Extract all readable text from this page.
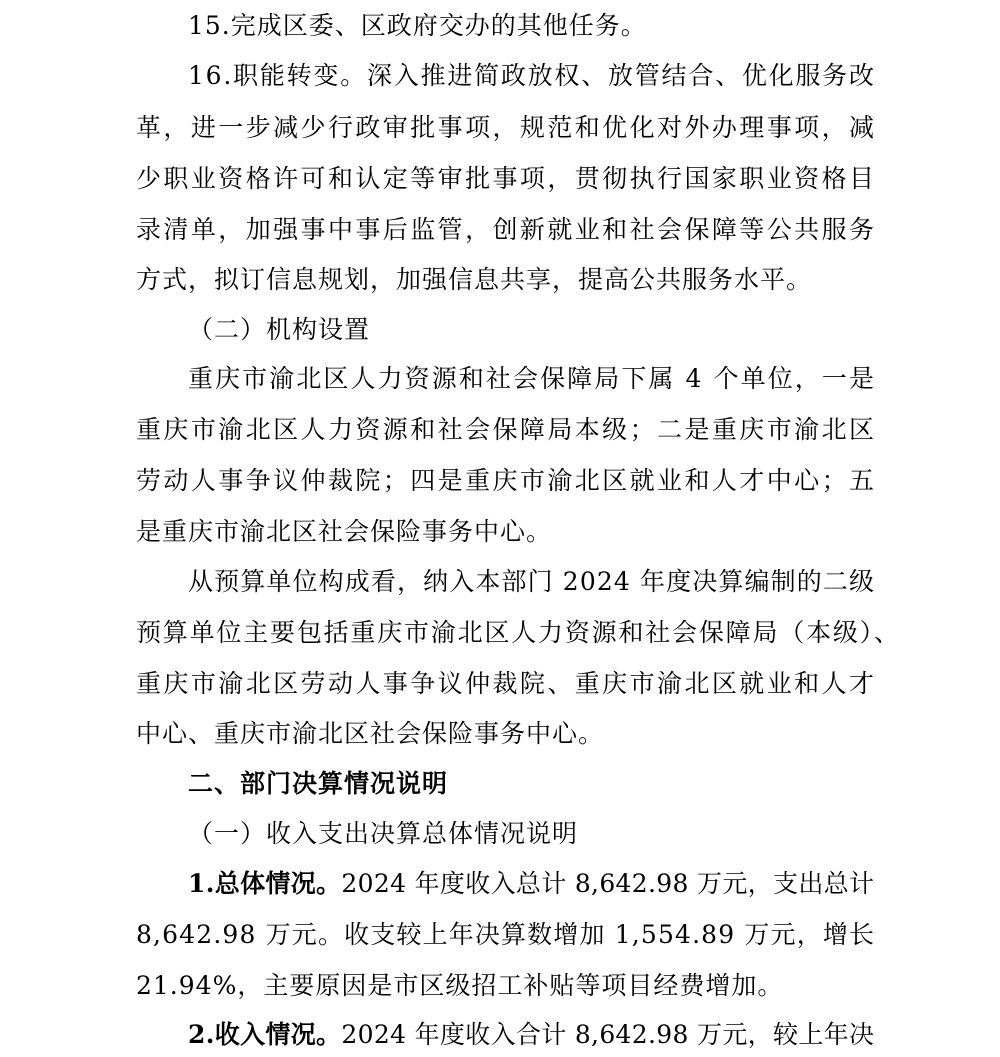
15.完成区委、区政府交办的其他任务。
16.职能转变。深入推进简政放权、放管结合、优化服务改
革，进一步减少行政审批事项，规范和优化对外办理事项，减
少职业资格许可和认定等审批事项，贯彻执行国家职业资格目
录清单，加强事中事后监管，创新就业和社会保障等公共服务
方式，拟订信息规划，加强信息共享，提高公共服务水平。
（二）机构设置
重庆市渝北区人力资源和社会保障局下属 4 个单位，一是
重庆市渝北区人力资源和社会保障局本级；二是重庆市渝北区
劳动人事争议仲裁院；四是重庆市渝北区就业和人才中心；五
是重庆市渝北区社会保险事务中心。
从预算单位构成看，纳入本部门 2024 年度决算编制的二级
预算单位主要包括重庆市渝北区人力资源和社会保障局（本级）、
重庆市渝北区劳动人事争议仲裁院、重庆市渝北区就业和人才
中心、重庆市渝北区社会保险事务中心。
二、部门决算情况说明
（一）收入支出决算总体情况说明
1.总体情况。2024 年度收入总计 8,642.98 万元，支出总计
8,642.98 万元。收支较上年决算数增加 1,554.89 万元，增长
21.94%，主要原因是市区级招工补贴等项目经费增加。
2.收入情况。2024 年度收入合计 8,642.98 万元，较上年决
